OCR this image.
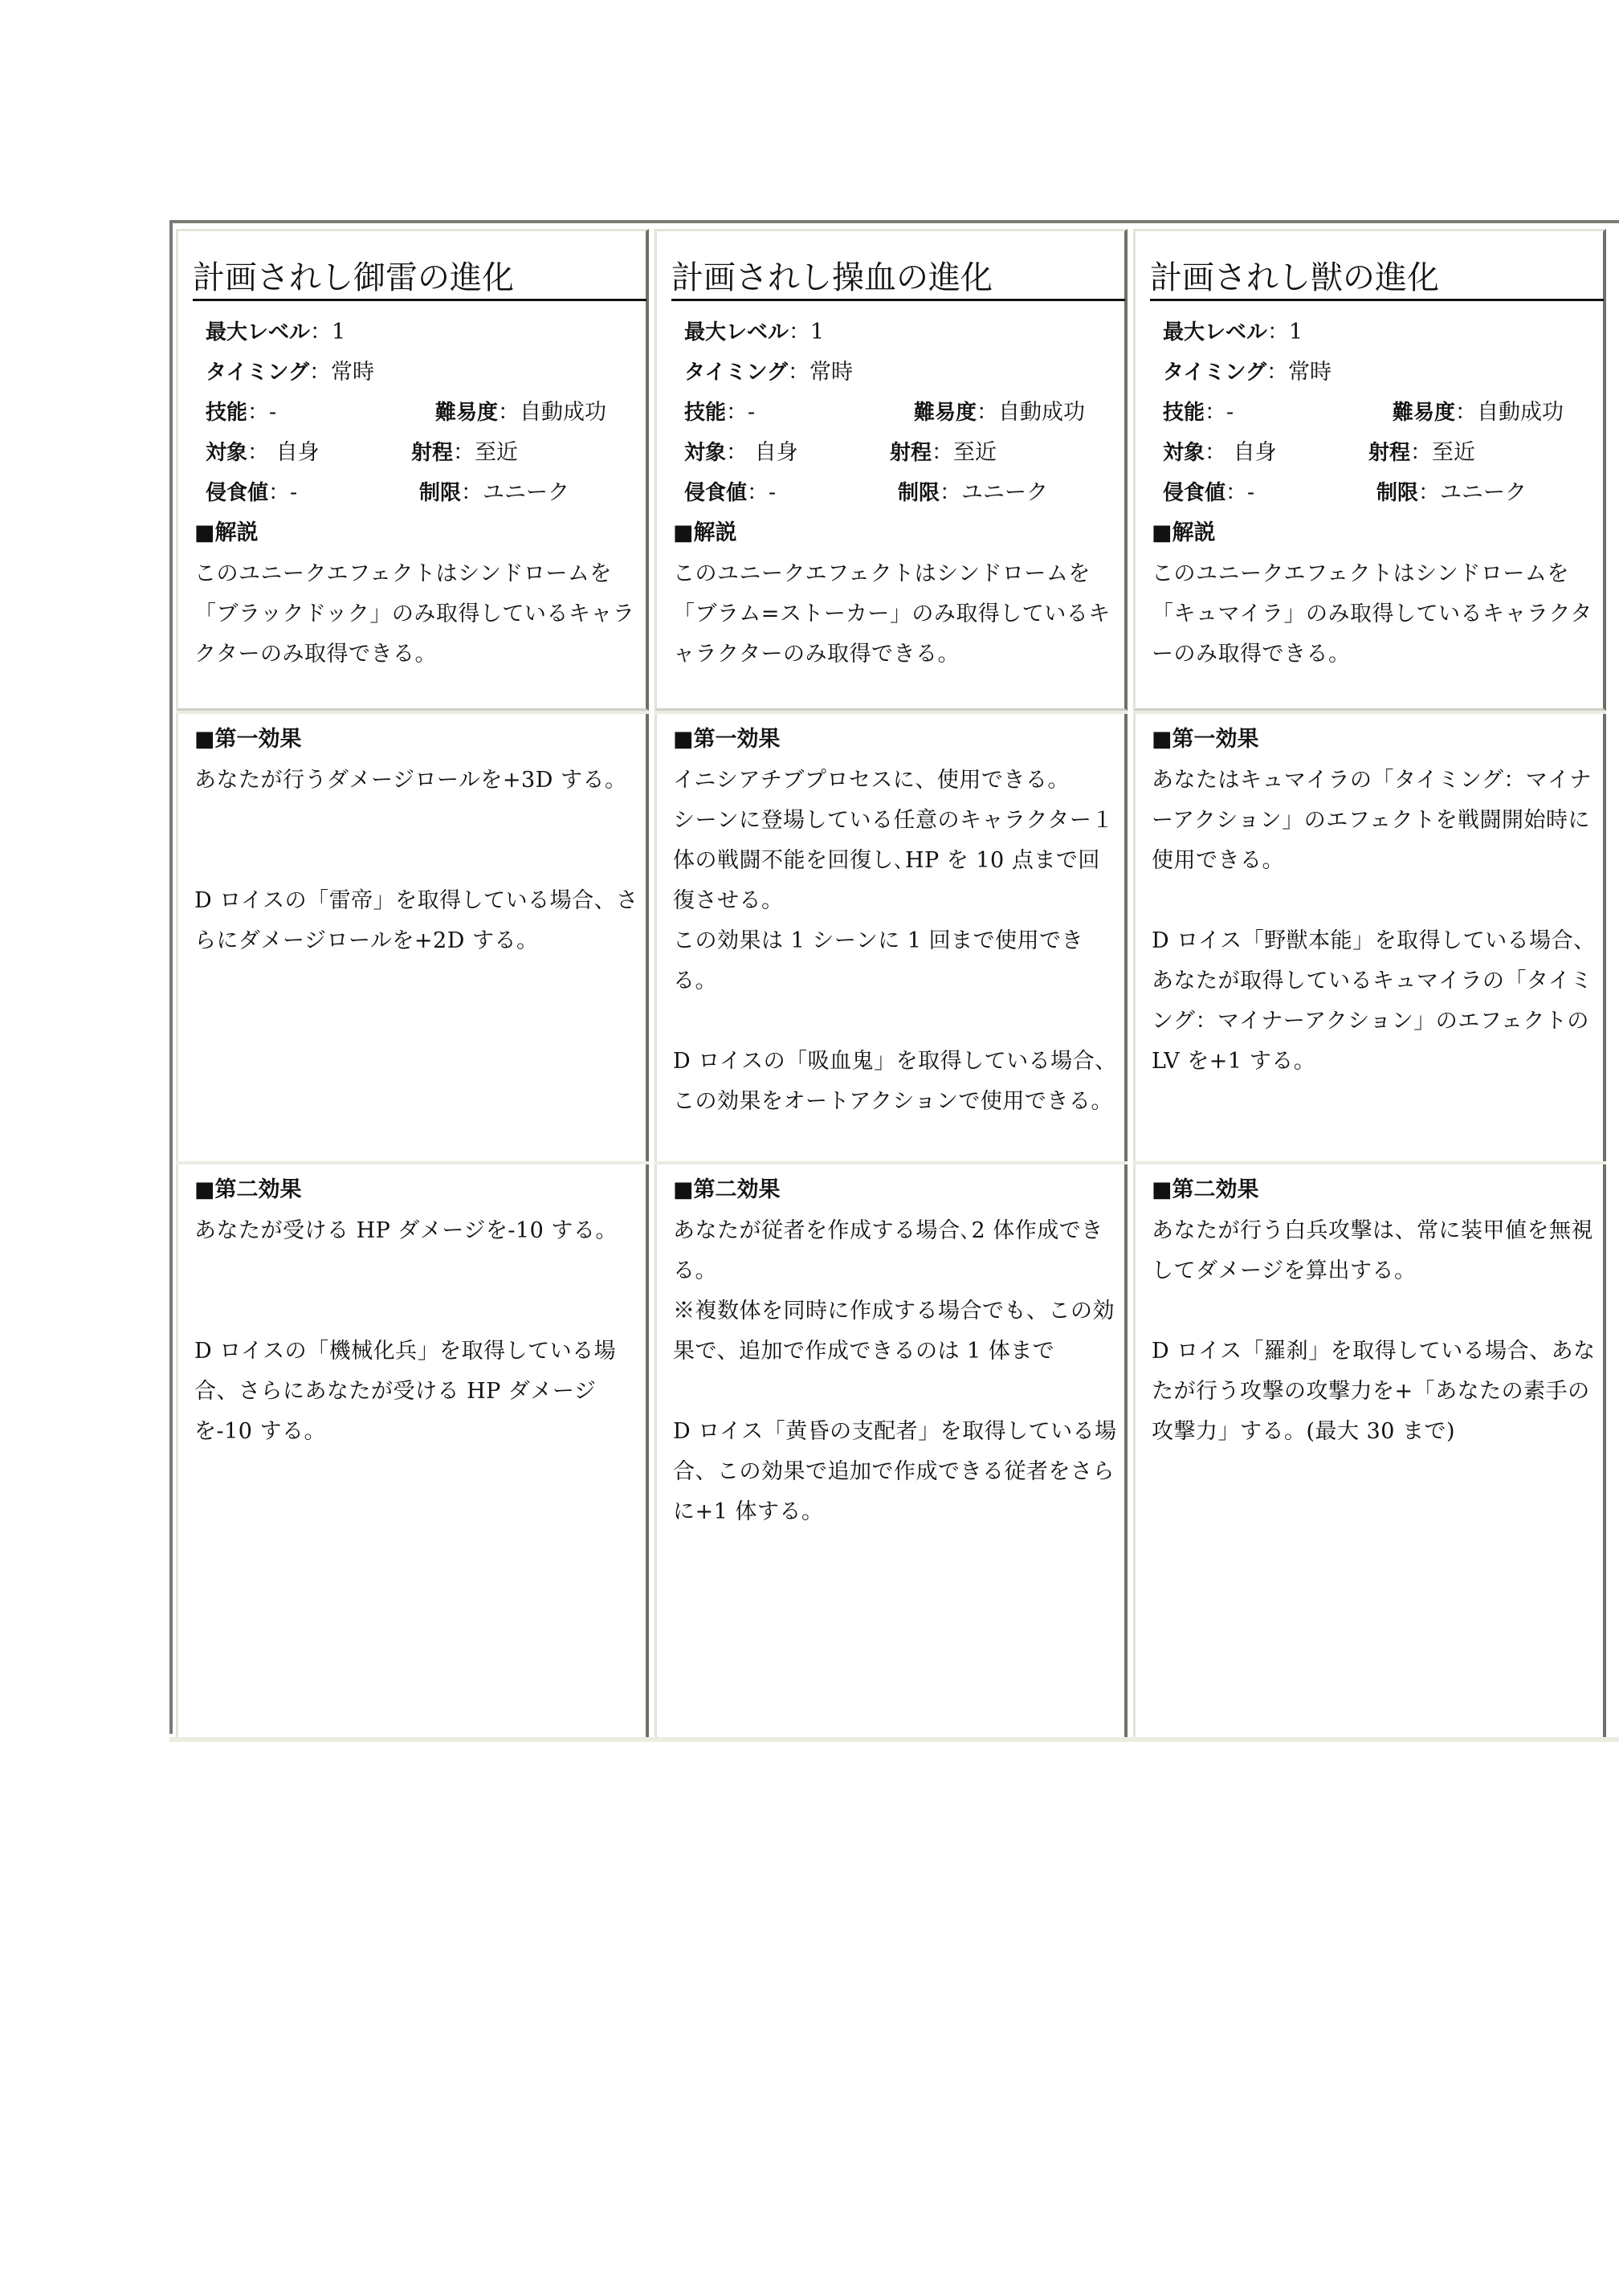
計画されし御雷の進化
最大レベル：1
タイミング：常時
技能：-	難易度：自動成功
対象： 自身	射程：至近
侵食値：-	制限：ユニーク
■解説
このユニークエフェクトはシンドロームを「ブラックドック」のみ取得しているキャラクターのみ取得できる。
■第一効果
あなたが行うダメージロールを+3D する。
D ロイスの「雷帝」を取得している場合、さらにダメージロールを+2D する。
■第二効果
あなたが受ける HP ダメージを-10 する。
D ロイスの「機械化兵」を取得している場合、さらにあなたが受ける HP ダメージを-10 する。
計画されし操血の進化
最大レベル：1
タイミング：常時
技能：-	難易度：自動成功
対象： 自身	射程：至近
侵食値：-	制限：ユニーク
■解説
このユニークエフェクトはシンドロームを「ブラム=ストーカー」のみ取得しているキャラクターのみ取得できる。
■第一効果
イニシアチブプロセスに、使用できる。
シーンに登場している任意のキャラクター１体の戦闘不能を回復し､HP を 10 点まで回復させる。
この効果は 1 シーンに 1 回まで使用できる。
D ロイスの「吸血鬼」を取得している場合、この効果をオートアクションで使用できる。
■第二効果
あなたが従者を作成する場合､2 体作成できる。
※複数体を同時に作成する場合でも、この効果で、追加で作成できるのは 1 体まで
D ロイス「黄昏の支配者」を取得している場合、この効果で追加で作成できる従者をさらに+1 体する。
計画されし獣の進化
最大レベル：1
タイミング：常時
技能：-	難易度：自動成功
対象： 自身	射程：至近
侵食値：-	制限：ユニーク
■解説
このユニークエフェクトはシンドロームを「キュマイラ」のみ取得しているキャラクターのみ取得できる。
■第一効果
あなたはキュマイラの「タイミング：マイナーアクション」のエフェクトを戦闘開始時に使用できる。
D ロイス「野獣本能」を取得している場合、あなたが取得しているキュマイラの「タイミング：マイナーアクション」のエフェクトの LV を+1 する。
■第二効果
あなたが行う白兵攻撃は、常に装甲値を無視してダメージを算出する。
D ロイス「羅刹」を取得している場合、あなたが行う攻撃の攻撃力を+「あなたの素手の攻撃力」する。(最大 30 まで)
